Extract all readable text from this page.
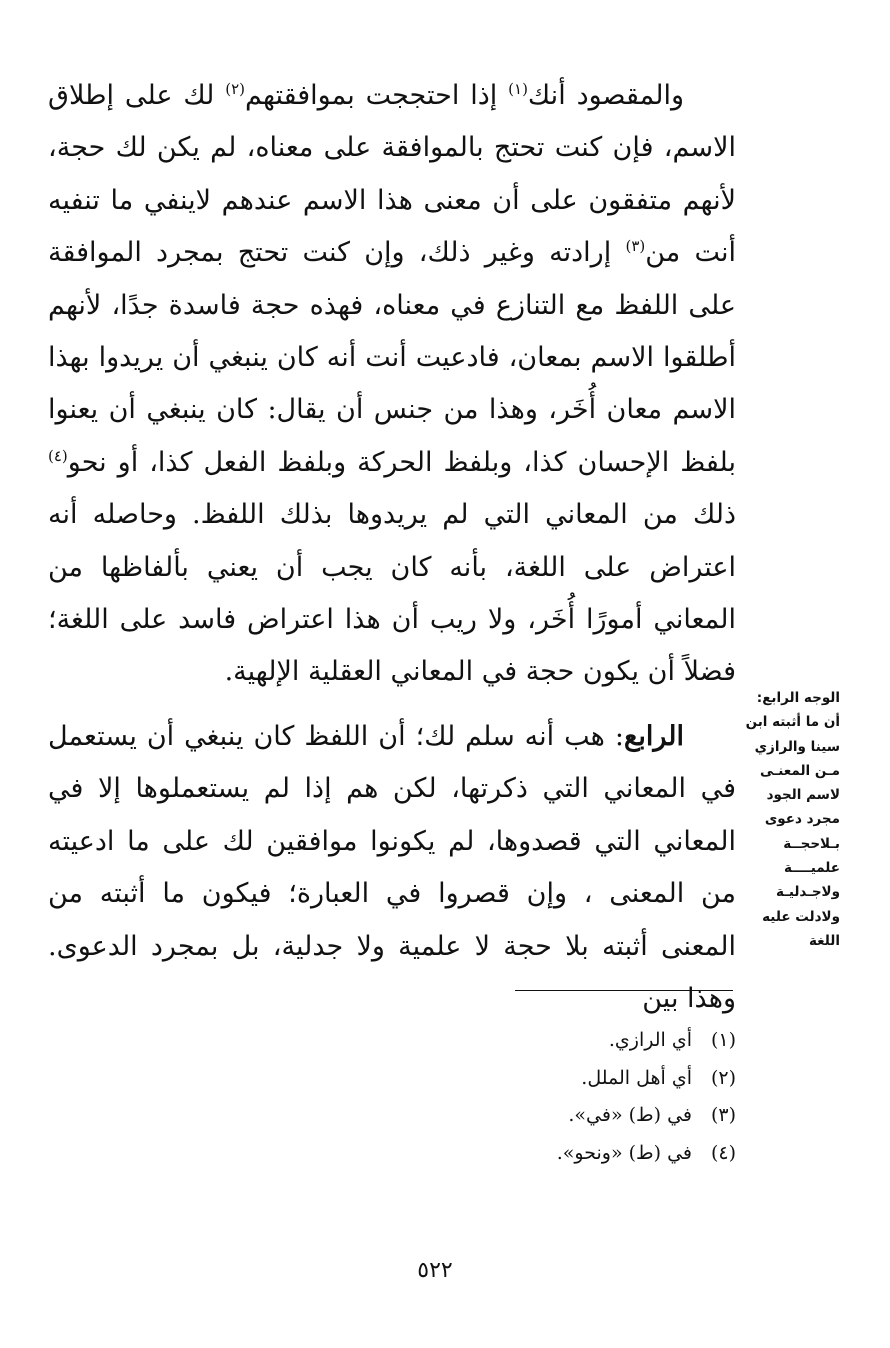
والمقصود أنك$^{(١)}$ إذا احتججت بموافقتهم$^{(٢)}$ لك على إطلاق الاسم، فإن كنت تحتج بالموافقة على معناه، لم يكن لك حجة، لأنهم متفقون على أن معنى هذا الاسم عندهم لاينفي ما تنفيه أنت من$^{(٣)}$ إرادته وغير ذلك، وإن كنت تحتج بمجرد الموافقة على اللفظ مع التنازع في معناه، فهذه حجة فاسدة جدًا، لأنهم أطلقوا الاسم بمعان، فادعيت أنت أنه كان ينبغي أن يريدوا بهذا الاسم معان أُخَر، وهذا من جنس أن يقال: كان ينبغي أن يعنوا بلفظ الإحسان كذا، وبلفظ الحركة وبلفظ الفعل كذا، أو نحو$^{(٤)}$ ذلك من المعاني التي لم يريدوها بذلك اللفظ. وحاصله أنه اعتراض على اللغة، بأنه كان يجب أن يعني بألفاظها من المعاني أمورًا أُخَر، ولا ريب أن هذا اعتراض فاسد على اللغة؛ فضلاً أن يكون حجة في المعاني العقلية الإلهية.

الرابع: هب أنه سلم لك؛ أن اللفظ كان ينبغي أن يستعمل في المعاني التي ذكرتها، لكن هم إذا لم يستعملوها إلا في المعاني التي قصدوها، لم يكونوا موافقين لك على ما ادعيته من المعنى ، وإن قصروا في العبارة؛ فيكون ما أثبته من المعنى أثبته بلا حجة لا علمية ولا جدلية، بل بمجرد الدعوى. وهذا بين

الوجه الرابع:
أن ما أثبته ابن
سينا والرازي
مـن المعنـى
لاسم الجود
مجرد دعوى
بـلاحجــة
علميــــة
ولاجـدليـة
ولادلت عليه
اللغة
(١)أي الرازي.
(٢)أي أهل الملل.
(٣)في (ط) «في».
(٤)في (ط) «ونحو».
٥٢٢
